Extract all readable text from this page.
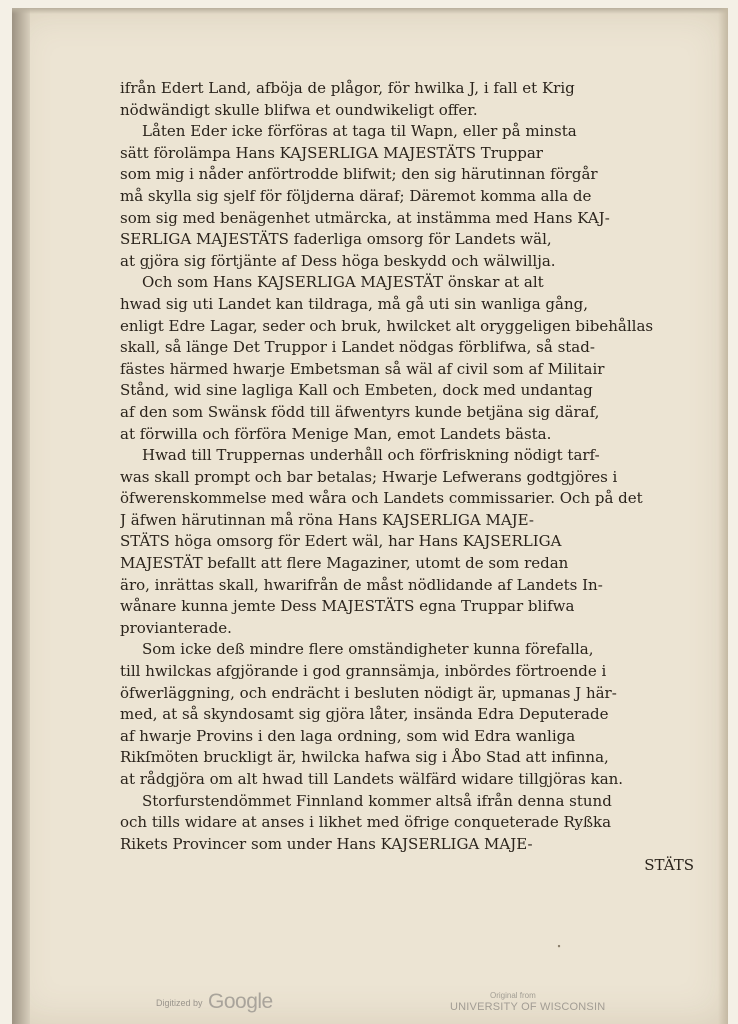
ifrån Edert Land, afböja de plågor, för hwilka J, i fall et Krig
nödwändigt skulle blifwa et oundwikeligt offer.
Låten Eder icke förföras at taga til Wapn, eller på minsta
sätt förolämpa Hans KAJSERLIGA MAJESTÄTS Truppar
som mig i nåder anförtrodde blifwit; den sig härutinnan förgår
må skylla sig sjelf för följderna däraf; Däremot komma alla de
som sig med benägenhet utmärcka, at instämma med Hans KAJ-
SERLIGA MAJESTÄTS faderliga omsorg för Landets wäl,
at gjöra sig förtjänte af Dess höga beskydd och wälwillja.
Och som Hans KAJSERLIGA MAJESTÄT önskar at alt
hwad sig uti Landet kan tildraga, må gå uti sin wanliga gång,
enligt Edre Lagar, seder och bruk, hwilcket alt oryggeligen bibehållas
skall, så länge Det Truppor i Landet nödgas förblifwa, så stad-
fästes härmed hwarje Embetsman så wäl af civil som af Militair
Stånd, wid sine lagliga Kall och Embeten, dock med undantag
af den som Swänsk född till äfwentyrs kunde betjäna sig däraf,
at förwilla och förföra Menige Man, emot Landets bästa.
Hwad till Truppernas underhåll och förfriskning nödigt tarf-
was skall prompt och bar betalas; Hwarje Lefwerans godtgjöres i
öfwerenskommelse med wåra och Landets commissarier. Och på det
J äfwen härutinnan må röna Hans KAJSERLIGA MAJE-
STÄTS höga omsorg för Edert wäl, har Hans KAJSERLIGA
MAJESTÄT befallt att flere Magaziner, utomt de som redan
äro, inrättas skall, hwarifrån de måst nödlidande af Landets In-
wånare kunna jemte Dess MAJESTÄTS egna Truppar blifwa
provianterade.
Som icke deß mindre flere omständigheter kunna förefalla,
till hwilckas afgjörande i god grannsämja, inbördes förtroende i
öfwerläggning, och endrächt i besluten nödigt är, upmanas J här-
med, at så skyndosamt sig gjöra låter, insända Edra Deputerade
af hwarje Provins i den laga ordning, som wid Edra wanliga
Rikſmöten bruckligt är, hwilcka hafwa sig i Åbo Stad att infinna,
at rådgjöra om alt hwad till Landets wälfärd widare tillgjöras kan.
Storfurstendömmet Finnland kommer altså ifrån denna stund
och tills widare at anses i likhet med öfrige conqueterade Ryßka
Rikets Provincer som under Hans KAJSERLIGA MAJE-
STÄTS
⸼
Digitized by Google	Original from
UNIVERSITY OF WISCONSIN
